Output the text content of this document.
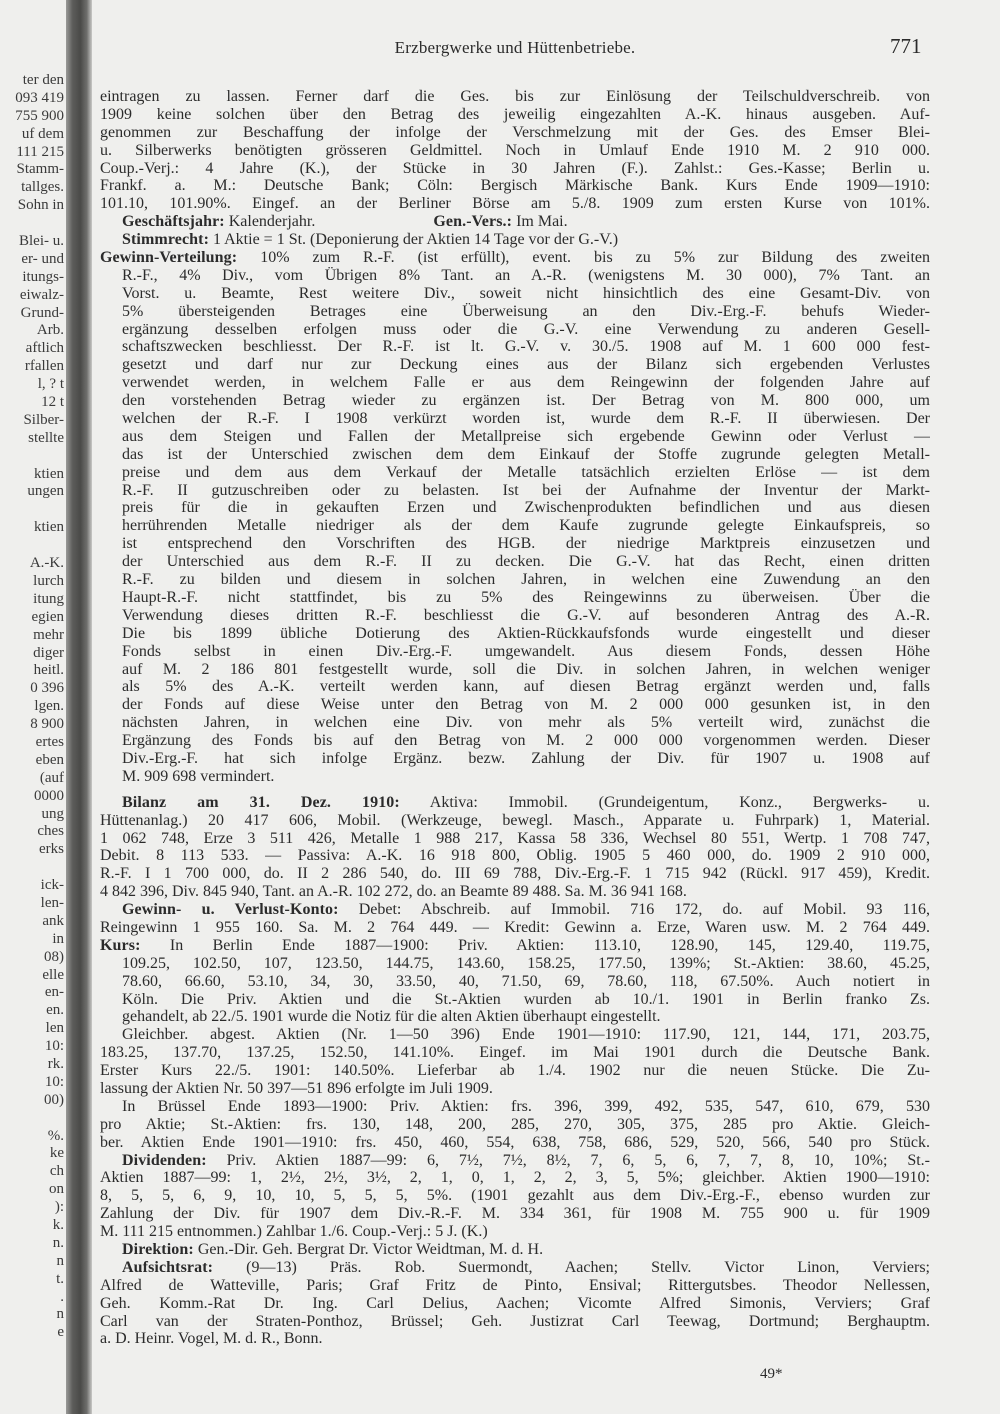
ter den
093 419
755 900
uf dem
111 215
Stamm-
tallges.
Sohn in

Blei- u.
er- und
itungs-
eiwalz-
Grund-
Arb.
aftlich
rfallen
l, ? t
12 t
Silber-
stellte

ktien
ungen

ktien

A.-K.
lurch
itung
egien
mehr
diger
heitl.
0 396
lgen.
8 900
ertes
eben
(auf
0000
ung
ches
erks

ick-
len-
ank
in
08)
elle
en-
en.
len
10:
rk.
10:
00)

%.
ke
ch
on
):
k.
n.
n
t.
.
n
e
Erzbergwerke und Hüttenbetriebe.	771
eintragen zu lassen. Ferner darf die Ges. bis zur Einlösung der Teilschuldverschreib. von
1909 keine solchen über den Betrag des jeweilig eingezahlten A.-K. hinaus ausgeben. Auf-
genommen zur Beschaffung der infolge der Verschmelzung mit der Ges. des Emser Blei-
u. Silberwerks benötigten grösseren Geldmittel. Noch in Umlauf Ende 1910 M. 2 910 000.
Coup.-Verj.: 4 Jahre (K.), der Stücke in 30 Jahren (F.). Zahlst.: Ges.-Kasse; Berlin u.
Frankf. a. M.: Deutsche Bank; Cöln: Bergisch Märkische Bank. Kurs Ende 1909—1910:
101.10, 101.90%. Eingef. an der Berliner Börse am 5./8. 1909 zum ersten Kurse von 101%.
Geschäftsjahr: Kalenderjahr.	Gen.-Vers.: Im Mai.
Stimmrecht: 1 Aktie = 1 St. (Deponierung der Aktien 14 Tage vor der G.-V.)
Gewinn-Verteilung: 10% zum R.-F. (ist erfüllt), event. bis zu 5% zur Bildung des zweiten
R.-F., 4% Div., vom Übrigen 8% Tant. an A.-R. (wenigstens M. 30 000), 7% Tant. an
Vorst. u. Beamte, Rest weitere Div., soweit nicht hinsichtlich des eine Gesamt-Div. von
5% übersteigenden Betrages eine Überweisung an den Div.-Erg.-F. behufs Wieder-
ergänzung desselben erfolgen muss oder die G.-V. eine Verwendung zu anderen Gesell-
schaftszwecken beschliesst. Der R.-F. ist lt. G.-V. v. 30./5. 1908 auf M. 1 600 000 fest-
gesetzt und darf nur zur Deckung eines aus der Bilanz sich ergebenden Verlustes
verwendet werden, in welchem Falle er aus dem Reingewinn der folgenden Jahre auf
den vorstehenden Betrag wieder zu ergänzen ist. Der Betrag von M. 800 000, um
welchen der R.-F. I 1908 verkürzt worden ist, wurde dem R.-F. II überwiesen. Der
aus dem Steigen und Fallen der Metallpreise sich ergebende Gewinn oder Verlust —
das ist der Unterschied zwischen dem dem Einkauf der Stoffe zugrunde gelegten Metall-
preise und dem aus dem Verkauf der Metalle tatsächlich erzielten Erlöse — ist dem
R.-F. II gutzuschreiben oder zu belasten. Ist bei der Aufnahme der Inventur der Markt-
preis für die in gekauften Erzen und Zwischenprodukten befindlichen und aus diesen
herrührenden Metalle niedriger als der dem Kaufe zugrunde gelegte Einkaufspreis, so
ist entsprechend den Vorschriften des HGB. der niedrige Marktpreis einzusetzen und
der Unterschied aus dem R.-F. II zu decken. Die G.-V. hat das Recht, einen dritten
R.-F. zu bilden und diesem in solchen Jahren, in welchen eine Zuwendung an den
Haupt-R.-F. nicht stattfindet, bis zu 5% des Reingewinns zu überweisen. Über die
Verwendung dieses dritten R.-F. beschliesst die G.-V. auf besonderen Antrag des A.-R.
Die bis 1899 übliche Dotierung des Aktien-Rückkaufsfonds wurde eingestellt und dieser
Fonds selbst in einen Div.-Erg.-F. umgewandelt. Aus diesem Fonds, dessen Höhe
auf M. 2 186 801 festgestellt wurde, soll die Div. in solchen Jahren, in welchen weniger
als 5% des A.-K. verteilt werden kann, auf diesen Betrag ergänzt werden und, falls
der Fonds auf diese Weise unter den Betrag von M. 2 000 000 gesunken ist, in den
nächsten Jahren, in welchen eine Div. von mehr als 5% verteilt wird, zunächst die
Ergänzung des Fonds bis auf den Betrag von M. 2 000 000 vorgenommen werden. Dieser
Div.-Erg.-F. hat sich infolge Ergänz. bezw. Zahlung der Div. für 1907 u. 1908 auf
M. 909 698 vermindert.
Bilanz am 31. Dez. 1910: Aktiva: Immobil. (Grundeigentum, Konz., Bergwerks- u.
Hüttenanlag.) 20 417 606, Mobil. (Werkzeuge, bewegl. Masch., Apparate u. Fuhrpark) 1, Material.
1 062 748, Erze 3 511 426, Metalle 1 988 217, Kassa 58 336, Wechsel 80 551, Wertp. 1 708 747,
Debit. 8 113 533. — Passiva: A.-K. 16 918 800, Oblig. 1905 5 460 000, do. 1909 2 910 000,
R.-F. I 1 700 000, do. II 2 286 540, do. III 69 788, Div.-Erg.-F. 1 715 942 (Rückl. 917 459), Kredit.
4 842 396, Div. 845 940, Tant. an A.-R. 102 272, do. an Beamte 89 488. Sa. M. 36 941 168.
Gewinn- u. Verlust-Konto: Debet: Abschreib. auf Immobil. 716 172, do. auf Mobil. 93 116,
Reingewinn 1 955 160. Sa. M. 2 764 449. — Kredit: Gewinn a. Erze, Waren usw. M. 2 764 449.
Kurs: In Berlin Ende 1887—1900: Priv. Aktien: 113.10, 128.90, 145, 129.40, 119.75,
109.25, 102.50, 107, 123.50, 144.75, 143.60, 158.25, 177.50, 139%; St.-Aktien: 38.60, 45.25,
78.60, 66.60, 53.10, 34, 30, 33.50, 40, 71.50, 69, 78.60, 118, 67.50%. Auch notiert in
Köln. Die Priv. Aktien und die St.-Aktien wurden ab 10./1. 1901 in Berlin franko Zs.
gehandelt, ab 22./5. 1901 wurde die Notiz für die alten Aktien überhaupt eingestellt.
Gleichber. abgest. Aktien (Nr. 1—50 396) Ende 1901—1910: 117.90, 121, 144, 171, 203.75,
183.25, 137.70, 137.25, 152.50, 141.10%. Eingef. im Mai 1901 durch die Deutsche Bank.
Erster Kurs 22./5. 1901: 140.50%. Lieferbar ab 1./4. 1902 nur die neuen Stücke. Die Zu-
lassung der Aktien Nr. 50 397—51 896 erfolgte im Juli 1909.
In Brüssel Ende 1893—1900: Priv. Aktien: frs. 396, 399, 492, 535, 547, 610, 679, 530
pro Aktie; St.-Aktien: frs. 130, 148, 200, 285, 270, 305, 375, 285 pro Aktie. Gleich-
ber. Aktien Ende 1901—1910: frs. 450, 460, 554, 638, 758, 686, 529, 520, 566, 540 pro Stück.
Dividenden: Priv. Aktien 1887—99: 6, 7½, 7½, 8½, 7, 6, 5, 6, 7, 7, 8, 10, 10%; St.-
Aktien 1887—99: 1, 2½, 2½, 3½, 2, 1, 0, 1, 2, 2, 3, 5, 5%; gleichber. Aktien 1900—1910:
8, 5, 5, 6, 9, 10, 10, 5, 5, 5, 5%. (1901 gezahlt aus dem Div.-Erg.-F., ebenso wurden zur
Zahlung der Div. für 1907 dem Div.-R.-F. M. 334 361, für 1908 M. 755 900 u. für 1909
M. 111 215 entnommen.) Zahlbar 1./6. Coup.-Verj.: 5 J. (K.)
Direktion: Gen.-Dir. Geh. Bergrat Dr. Victor Weidtman, M. d. H.
Aufsichtsrat: (9—13) Präs. Rob. Suermondt, Aachen; Stellv. Victor Linon, Verviers;
Alfred de Watteville, Paris; Graf Fritz de Pinto, Ensival; Rittergutsbes. Theodor Nellessen,
Geh. Komm.-Rat Dr. Ing. Carl Delius, Aachen; Vicomte Alfred Simonis, Verviers; Graf
Carl van der Straten-Ponthoz, Brüssel; Geh. Justizrat Carl Teewag, Dortmund; Berghauptm.
a. D. Heinr. Vogel, M. d. R., Bonn.
49*
